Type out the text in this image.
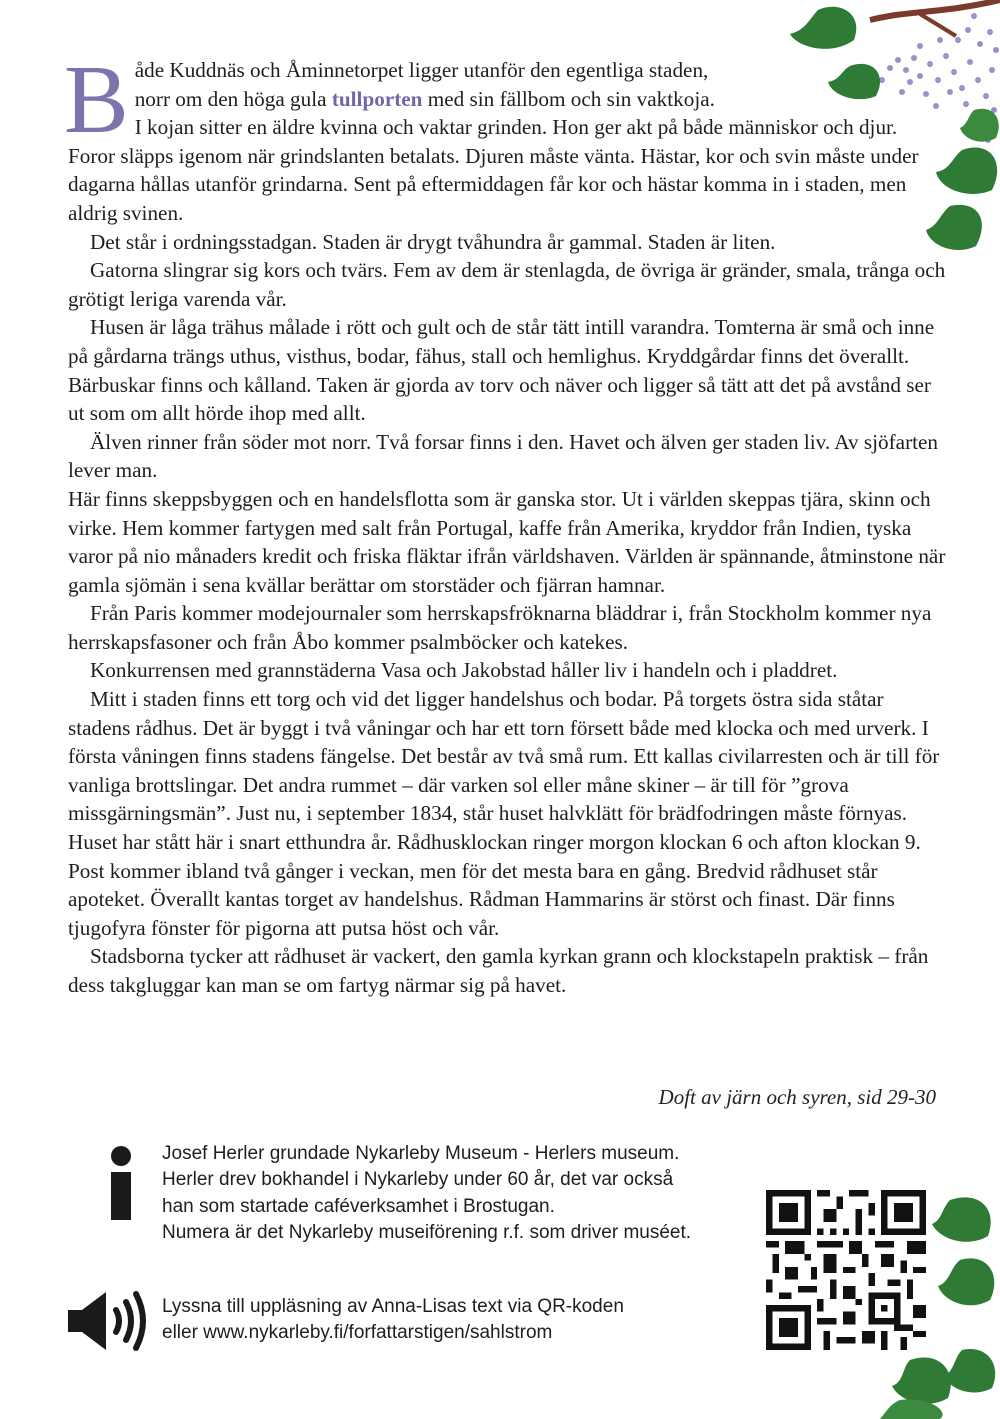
Både Kuddnäs och Åminnetorpet ligger utanför den egentliga staden,
norr om den höga gula tullporten med sin fällbom och sin vaktkoja.
I kojan sitter en äldre kvinna och vaktar grinden. Hon ger akt på både människor och djur. Foror släpps igenom när grindslanten betalats. Djuren måste vänta. Hästar, kor och svin måste under dagarna hållas utanför grindarna. Sent på eftermiddagen får kor och hästar komma in i staden, men aldrig svinen.

Det står i ordningsstadgan. Staden är drygt tvåhundra år gammal. Staden är liten.

Gatorna slingrar sig kors och tvärs. Fem av dem är stenlagda, de övriga är gränder, smala, trånga och grötigt leriga varenda vår.

Husen är låga trähus målade i rött och gult och de står tätt intill varandra. Tomterna är små och inne på gårdarna trängs uthus, visthus, bodar, fähus, stall och hemlighus. Kryddgårdar finns det överallt. Bärbuskar finns och kålland. Taken är gjorda av torv och näver och ligger så tätt att det på avstånd ser ut som om allt hörde ihop med allt.

Älven rinner från söder mot norr. Två forsar finns i den. Havet och älven ger staden liv. Av sjöfarten lever man.

Här finns skeppsbyggen och en handelsflotta som är ganska stor. Ut i världen skeppas tjära, skinn och virke. Hem kommer fartygen med salt från Portugal, kaffe från Amerika, kryddor från Indien, tyska varor på nio månaders kredit och friska fläktar ifrån världshaven. Världen är spännande, åtminstone när gamla sjömän i sena kvällar berättar om storstäder och fjärran hamnar.

Från Paris kommer modejournaler som herrskapsfröknarna bläddrar i, från Stockholm kommer nya herrskapsfasoner och från Åbo kommer psalmböcker och katekes.

Konkurrensen med grannstäderna Vasa och Jakobstad håller liv i handeln och i pladdret.

Mitt i staden finns ett torg och vid det ligger handelshus och bodar. På torgets östra sida ståtar stadens rådhus. Det är byggt i två våningar och har ett torn försett både med klocka och med urverk. I första våningen finns stadens fängelse. Det består av två små rum. Ett kallas civilarresten och är till för vanliga brottslingar. Det andra rummet – där varken sol eller måne skiner – är till för ”grova missgärningsmän”. Just nu, i september 1834, står huset halvklätt för brädfodringen måste förnyas. Huset har stått här i snart etthundra år. Rådhusklockan ringer morgon klockan 6 och afton klockan 9. Post kommer ibland två gånger i veckan, men för det mesta bara en gång. Bredvid rådhuset står apoteket. Överallt kantas torget av handelshus. Rådman Hammarins är störst och finast. Där finns tjugofyra fönster för pigorna att putsa höst och vår.

Stadsborna tycker att rådhuset är vackert, den gamla kyrkan grann och klockstapeln praktisk – från dess takgluggar kan man se om fartyg närmar sig på havet.

Doft av järn och syren, sid 29-30
Josef Herler grundade Nykarleby Museum - Herlers museum.
Herler drev bokhandel i Nykarleby under 60 år, det var också
han som startade caféverksamhet i Brostugan.
Numera är det Nykarleby museiförening r.f. som driver muséet.
Lyssna till uppläsning av Anna-Lisas text via QR-koden
eller www.nykarleby.fi/forfattarstigen/sahlstrom
